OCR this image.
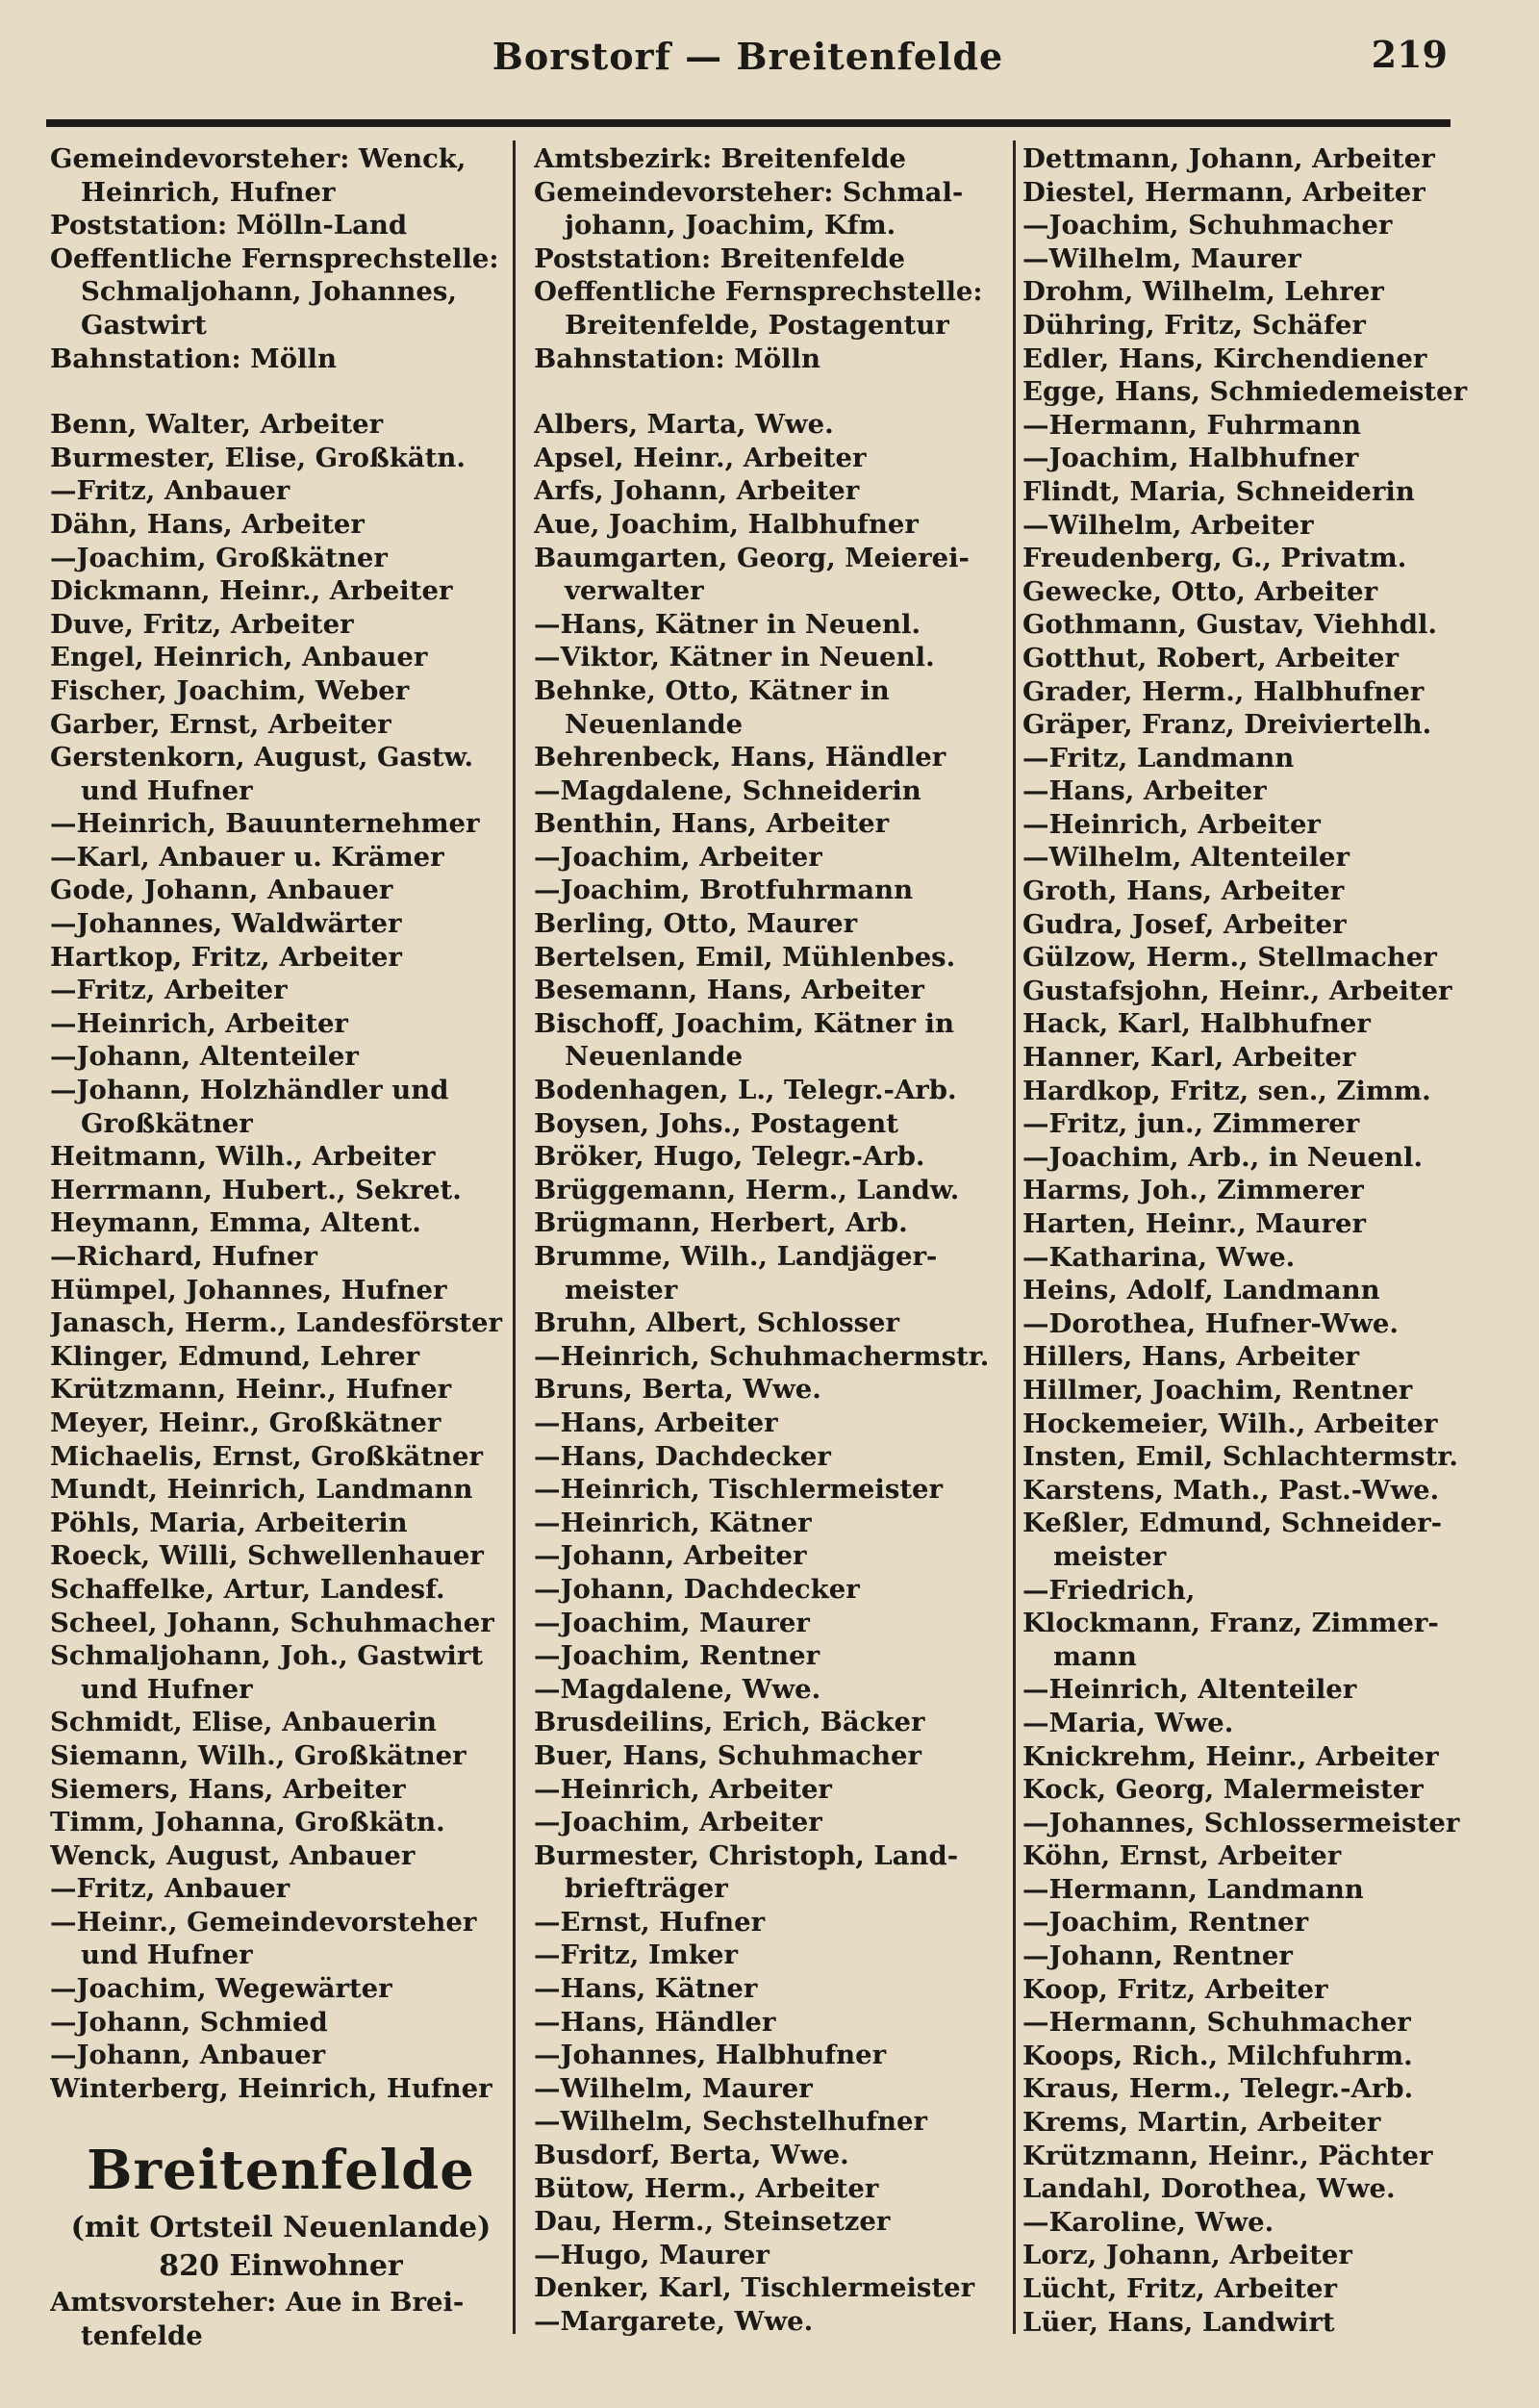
Borstorf — Breitenfelde	219
Gemeindevorsteher: Wenck,
Heinrich, Hufner
Poststation: Mölln-Land
Oeffentliche Fernsprechstelle:
Schmaljohann, Johannes,
Gastwirt
Bahnstation: Mölln
Benn, Walter, Arbeiter
Burmester, Elise, Großkätn.
—Fritz, Anbauer
Dähn, Hans, Arbeiter
—Joachim, Großkätner
Dickmann, Heinr., Arbeiter
Duve, Fritz, Arbeiter
Engel, Heinrich, Anbauer
Fischer, Joachim, Weber
Garber, Ernst, Arbeiter
Gerstenkorn, August, Gastw.
und Hufner
—Heinrich, Bauunternehmer
—Karl, Anbauer u. Krämer
Gode, Johann, Anbauer
—Johannes, Waldwärter
Hartkop, Fritz, Arbeiter
—Fritz, Arbeiter
—Heinrich, Arbeiter
—Johann, Altenteiler
—Johann, Holzhändler und
Großkätner
Heitmann, Wilh., Arbeiter
Herrmann, Hubert., Sekret.
Heymann, Emma, Altent.
—Richard, Hufner
Hümpel, Johannes, Hufner
Janasch, Herm., Landesförster
Klinger, Edmund, Lehrer
Krützmann, Heinr., Hufner
Meyer, Heinr., Großkätner
Michaelis, Ernst, Großkätner
Mundt, Heinrich, Landmann
Pöhls, Maria, Arbeiterin
Roeck, Willi, Schwellenhauer
Schaffelke, Artur, Landesf.
Scheel, Johann, Schuhmacher
Schmaljohann, Joh., Gastwirt
und Hufner
Schmidt, Elise, Anbauerin
Siemann, Wilh., Großkätner
Siemers, Hans, Arbeiter
Timm, Johanna, Großkätn.
Wenck, August, Anbauer
—Fritz, Anbauer
—Heinr., Gemeindevorsteher
und Hufner
—Joachim, Wegewärter
—Johann, Schmied
—Johann, Anbauer
Winterberg, Heinrich, Hufner
Breitenfelde
(mit Ortsteil Neuenlande)
820 Einwohner
Amtsvorsteher: Aue in Brei-
tenfelde
Amtsbezirk: Breitenfelde
Gemeindevorsteher: Schmal-
johann, Joachim, Kfm.
Poststation: Breitenfelde
Oeffentliche Fernsprechstelle:
Breitenfelde, Postagentur
Bahnstation: Mölln
Albers, Marta, Wwe.
Apsel, Heinr., Arbeiter
Arfs, Johann, Arbeiter
Aue, Joachim, Halbhufner
Baumgarten, Georg, Meierei-
verwalter
—Hans, Kätner in Neuenl.
—Viktor, Kätner in Neuenl.
Behnke, Otto, Kätner in
Neuenlande
Behrenbeck, Hans, Händler
—Magdalene, Schneiderin
Benthin, Hans, Arbeiter
—Joachim, Arbeiter
—Joachim, Brotfuhrmann
Berling, Otto, Maurer
Bertelsen, Emil, Mühlenbes.
Besemann, Hans, Arbeiter
Bischoff, Joachim, Kätner in
Neuenlande
Bodenhagen, L., Telegr.-Arb.
Boysen, Johs., Postagent
Bröker, Hugo, Telegr.-Arb.
Brüggemann, Herm., Landw.
Brügmann, Herbert, Arb.
Brumme, Wilh., Landjäger-
meister
Bruhn, Albert, Schlosser
—Heinrich, Schuhmachermstr.
Bruns, Berta, Wwe.
—Hans, Arbeiter
—Hans, Dachdecker
—Heinrich, Tischlermeister
—Heinrich, Kätner
—Johann, Arbeiter
—Johann, Dachdecker
—Joachim, Maurer
—Joachim, Rentner
—Magdalene, Wwe.
Brusdeilins, Erich, Bäcker
Buer, Hans, Schuhmacher
—Heinrich, Arbeiter
—Joachim, Arbeiter
Burmester, Christoph, Land-
briefträger
—Ernst, Hufner
—Fritz, Imker
—Hans, Kätner
—Hans, Händler
—Johannes, Halbhufner
—Wilhelm, Maurer
—Wilhelm, Sechstelhufner
Busdorf, Berta, Wwe.
Bütow, Herm., Arbeiter
Dau, Herm., Steinsetzer
—Hugo, Maurer
Denker, Karl, Tischlermeister
—Margarete, Wwe.
Dettmann, Johann, Arbeiter
Diestel, Hermann, Arbeiter
—Joachim, Schuhmacher
—Wilhelm, Maurer
Drohm, Wilhelm, Lehrer
Dühring, Fritz, Schäfer
Edler, Hans, Kirchendiener
Egge, Hans, Schmiedemeister
—Hermann, Fuhrmann
—Joachim, Halbhufner
Flindt, Maria, Schneiderin
—Wilhelm, Arbeiter
Freudenberg, G., Privatm.
Gewecke, Otto, Arbeiter
Gothmann, Gustav, Viehhdl.
Gotthut, Robert, Arbeiter
Grader, Herm., Halbhufner
Gräper, Franz, Dreiviertelh.
—Fritz, Landmann
—Hans, Arbeiter
—Heinrich, Arbeiter
—Wilhelm, Altenteiler
Groth, Hans, Arbeiter
Gudra, Josef, Arbeiter
Gülzow, Herm., Stellmacher
Gustafsjohn, Heinr., Arbeiter
Hack, Karl, Halbhufner
Hanner, Karl, Arbeiter
Hardkop, Fritz, sen., Zimm.
—Fritz, jun., Zimmerer
—Joachim, Arb., in Neuenl.
Harms, Joh., Zimmerer
Harten, Heinr., Maurer
—Katharina, Wwe.
Heins, Adolf, Landmann
—Dorothea, Hufner-Wwe.
Hillers, Hans, Arbeiter
Hillmer, Joachim, Rentner
Hockemeier, Wilh., Arbeiter
Insten, Emil, Schlachtermstr.
Karstens, Math., Past.-Wwe.
Keßler, Edmund, Schneider-
meister
—Friedrich,
Klockmann, Franz, Zimmer-
mann
—Heinrich, Altenteiler
—Maria, Wwe.
Knickrehm, Heinr., Arbeiter
Kock, Georg, Malermeister
—Johannes, Schlossermeister
Köhn, Ernst, Arbeiter
—Hermann, Landmann
—Joachim, Rentner
—Johann, Rentner
Koop, Fritz, Arbeiter
—Hermann, Schuhmacher
Koops, Rich., Milchfuhrm.
Kraus, Herm., Telegr.-Arb.
Krems, Martin, Arbeiter
Krützmann, Heinr., Pächter
Landahl, Dorothea, Wwe.
—Karoline, Wwe.
Lorz, Johann, Arbeiter
Lücht, Fritz, Arbeiter
Lüer, Hans, Landwirt
